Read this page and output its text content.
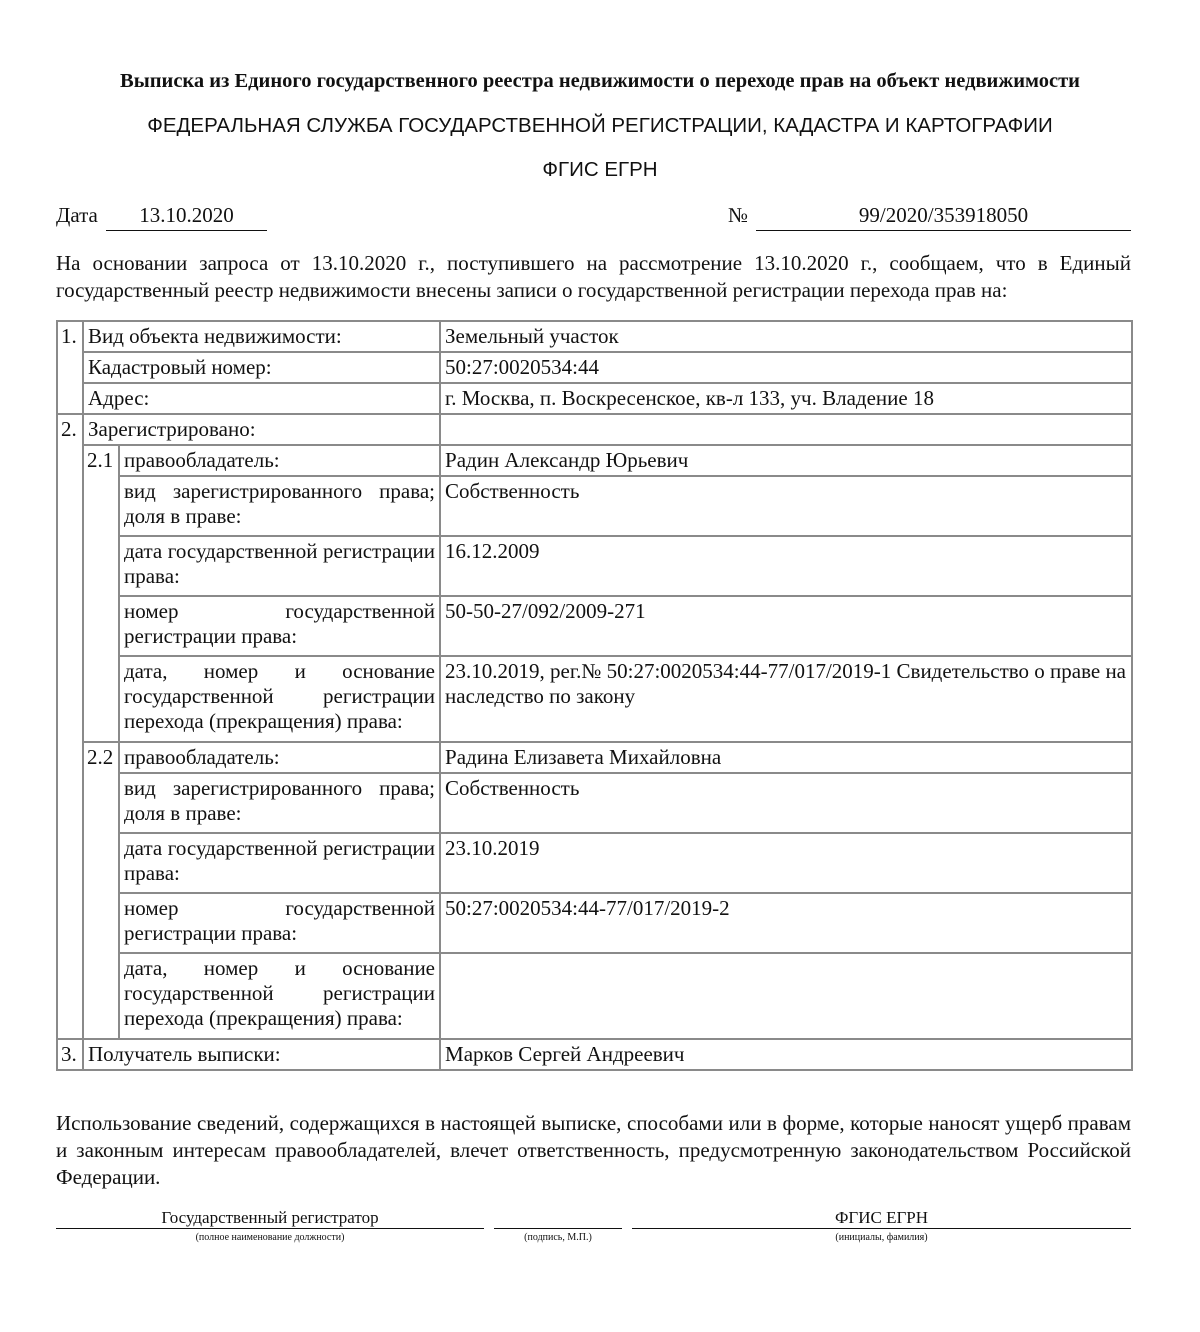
Выписка из Единого государственного реестра недвижимости о переходе прав на объект недвижимости
ФЕДЕРАЛЬНАЯ СЛУЖБА ГОСУДАРСТВЕННОЙ РЕГИСТРАЦИИ, КАДАСТРА И КАРТОГРАФИИ
ФГИС ЕГРН
Дата	13.10.2020	№	99/2020/353918050
На основании запроса от 13.10.2020 г., поступившего на рассмотрение 13.10.2020 г., сообщаем, что в Единый государственный реестр недвижимости внесены записи о государственной регистрации перехода прав на:
1.	Вид объекта недвижимости:		Земельный участок
	Кадастровый номер:		50:27:0020534:44
	Адрес:		г. Москва, п. Воскресенское, кв-л 133, уч. Владение 18
2.	Зарегистрировано:		
	2.1	правообладатель:	Радин Александр Юрьевич
		вид зарегистрированного права; доля в праве:	Собственность
		дата государственной регистрации права:	16.12.2009
		номер государственной регистрации права:	50-50-27/092/2009-271
		дата, номер и основание государственной регистрации перехода (прекращения) права:	23.10.2019, рег.№ 50:27:0020534:44-77/017/2019-1 Свидетельство о праве на наследство по закону
	2.2	правообладатель:	Радина Елизавета Михайловна
		вид зарегистрированного права; доля в праве:	Собственность
		дата государственной регистрации права:	23.10.2019
		номер государственной регистрации права:	50:27:0020534:44-77/017/2019-2
		дата, номер и основание государственной регистрации перехода (прекращения) права:	
3.	Получатель выписки:		Марков Сергей Андреевич
Использование сведений, содержащихся в настоящей выписке, способами или в форме, которые наносят ущерб правам и законным интересам правообладателей, влечет ответственность, предусмотренную законодательством Российской Федерации.
Государственный регистратор
(полное наименование должности)	(подпись, М.П.)
ФГИС ЕГРН
(инициалы, фамилия)
